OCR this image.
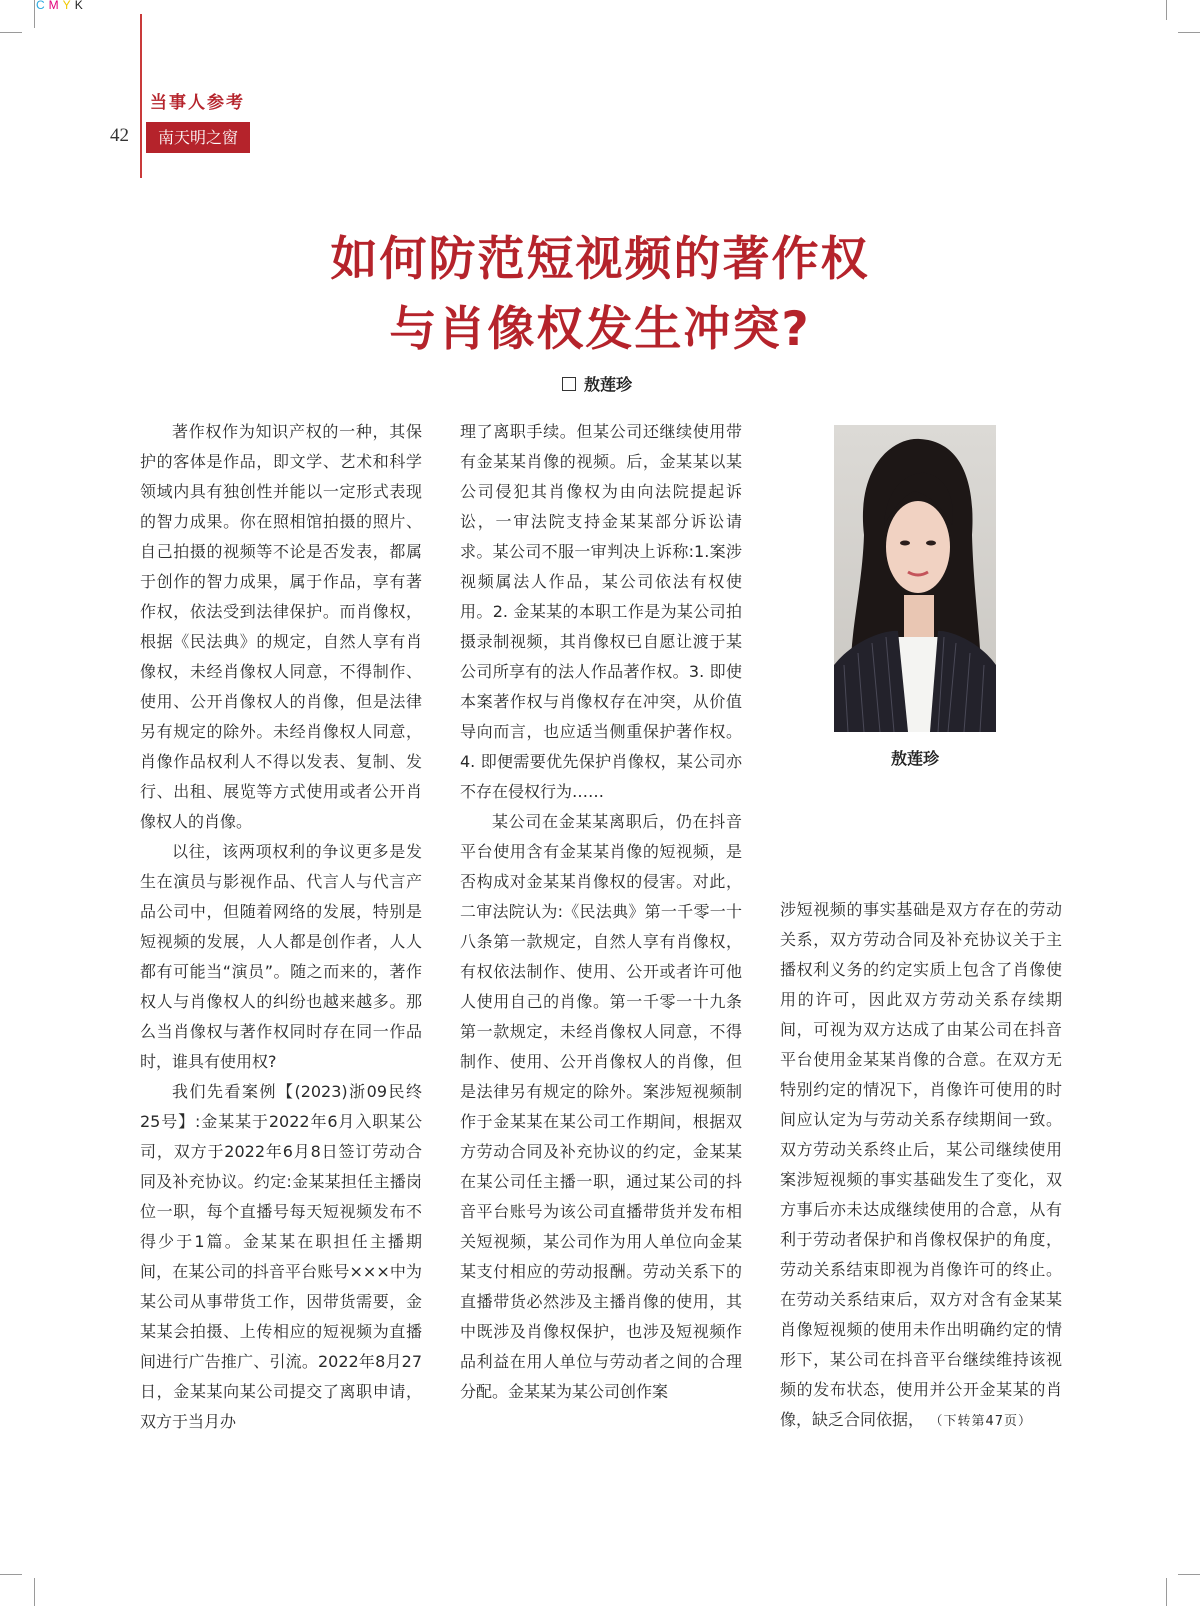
CMYK
当事人参考
42	南天明之窗
如何防范短视频的著作权
与肖像权发生冲突?
敖莲珍

著作权作为知识产权的一种，其保护的客体是作品，即文学、艺术和科学领域内具有独创性并能以一定形式表现的智力成果。你在照相馆拍摄的照片、自己拍摄的视频等不论是否发表，都属于创作的智力成果，属于作品，享有著作权，依法受到法律保护。而肖像权，根据《民法典》的规定，自然人享有肖像权，未经肖像权人同意，不得制作、使用、公开肖像权人的肖像，但是法律另有规定的除外。未经肖像权人同意，肖像作品权利人不得以发表、复制、发行、出租、展览等方式使用或者公开肖像权人的肖像。

以往，该两项权利的争议更多是发生在演员与影视作品、代言人与代言产品公司中，但随着网络的发展，特别是短视频的发展，人人都是创作者，人人都有可能当“演员”。随之而来的，著作权人与肖像权人的纠纷也越来越多。那么当肖像权与著作权同时存在同一作品时，谁具有使用权?

我们先看案例【(2023)浙09民终25号】:金某某于2022年6月入职某公司，双方于2022年6月8日签订劳动合同及补充协议。约定:金某某担任主播岗位一职，每个直播号每天短视频发布不得少于1篇。金某某在职担任主播期间，在某公司的抖音平台账号×××中为某公司从事带货工作，因带货需要，金某某会拍摄、上传相应的短视频为直播间进行广告推广、引流。2022年8月27日，金某某向某公司提交了离职申请，双方于当月办

理了离职手续。但某公司还继续使用带有金某某肖像的视频。后，金某某以某公司侵犯其肖像权为由向法院提起诉讼，一审法院支持金某某部分诉讼请求。某公司不服一审判决上诉称:1.案涉视频属法人作品，某公司依法有权使用。2. 金某某的本职工作是为某公司拍摄录制视频，其肖像权已自愿让渡于某公司所享有的法人作品著作权。3. 即使本案著作权与肖像权存在冲突，从价值导向而言，也应适当侧重保护著作权。4. 即便需要优先保护肖像权，某公司亦不存在侵权行为……

某公司在金某某离职后，仍在抖音平台使用含有金某某肖像的短视频，是否构成对金某某肖像权的侵害。对此，二审法院认为:《民法典》第一千零一十八条第一款规定，自然人享有肖像权，有权依法制作、使用、公开或者许可他人使用自己的肖像。第一千零一十九条第一款规定，未经肖像权人同意，不得制作、使用、公开肖像权人的肖像，但是法律另有规定的除外。案涉短视频制作于金某某在某公司工作期间，根据双方劳动合同及补充协议的约定，金某某在某公司任主播一职，通过某公司的抖音平台账号为该公司直播带货并发布相关短视频，某公司作为用人单位向金某某支付相应的劳动报酬。劳动关系下的直播带货必然涉及主播肖像的使用，其中既涉及肖像权保护，也涉及短视频作品利益在用人单位与劳动者之间的合理分配。金某某为某公司创作案

敖莲珍

涉短视频的事实基础是双方存在的劳动关系，双方劳动合同及补充协议关于主播权利义务的约定实质上包含了肖像使用的许可，因此双方劳动关系存续期间，可视为双方达成了由某公司在抖音平台使用金某某肖像的合意。在双方无特别约定的情况下，肖像许可使用的时间应认定为与劳动关系存续期间一致。双方劳动关系终止后，某公司继续使用案涉短视频的事实基础发生了变化，双方事后亦未达成继续使用的合意，从有利于劳动者保护和肖像权保护的角度，劳动关系结束即视为肖像许可的终止。在劳动关系结束后，双方对含有金某某肖像短视频的使用未作出明确约定的情形下，某公司在抖音平台继续维持该视频的发布状态，使用并公开金某某的肖像，缺乏合同依据， （下转第47页）
